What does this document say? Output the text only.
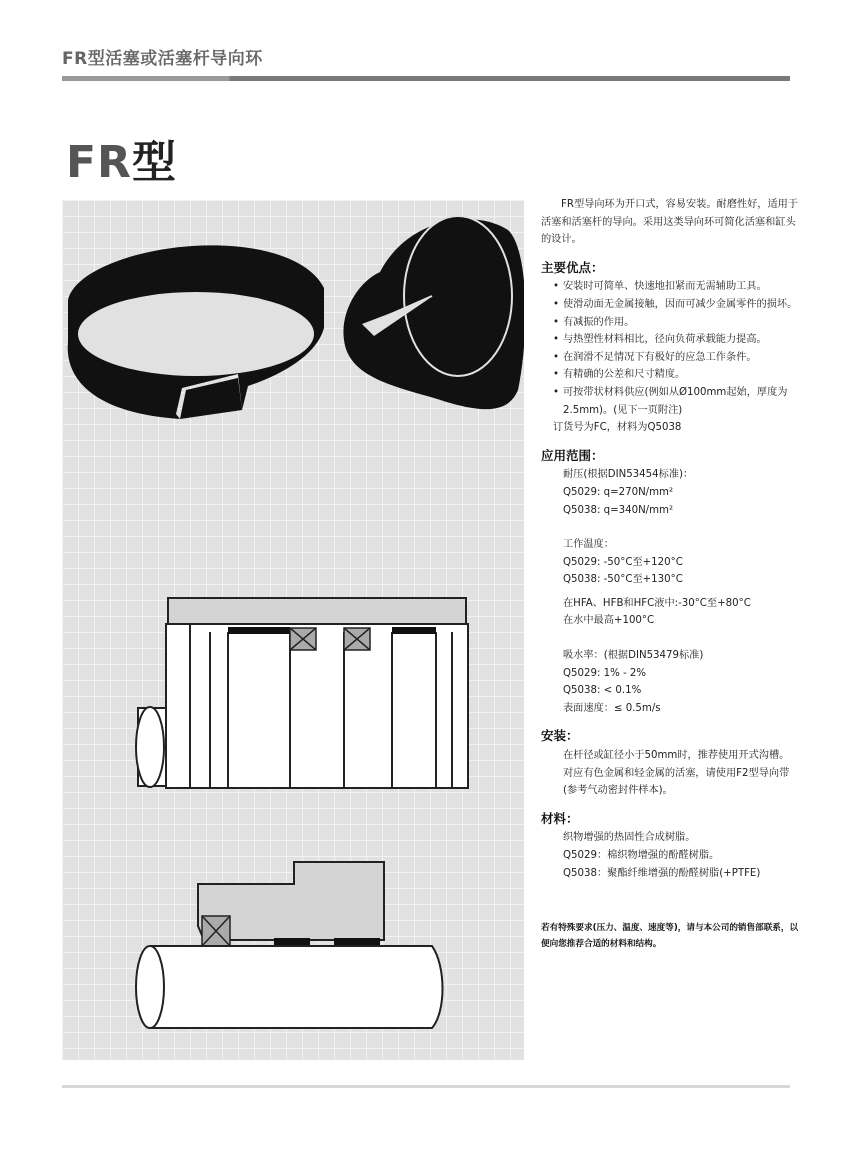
FR型活塞或活塞杆导向环
FR型

FR型导向环为开口式，容易安装。耐磨性好，适用于活塞和活塞杆的导向。采用这类导向环可简化活塞和缸头的设计。

主要优点：
• 安装时可简单、快速地扣紧而无需辅助工具。
• 使滑动面无金属接触，因而可减少金属零件的损坏。
• 有减振的作用。
• 与热塑性材料相比，径向负荷承载能力提高。
• 在润滑不足情况下有极好的应急工作条件。
• 有精确的公差和尺寸精度。
• 可按带状材料供应(例如从Ø100mm起始，厚度为2.5mm)。(见下一页附注)
订货号为FC，材料为Q5038
应用范围：
耐压(根据DIN53454标准)：
Q5029: q=270N/mm²
Q5038: q=340N/mm²
工作温度：
Q5029: -50°C至+120°C
Q5038: -50°C至+130°C
在HFA、HFB和HFC液中:-30°C至+80°C
在水中最高+100°C
吸水率：(根据DIN53479标准)
Q5029: 1% - 2%
Q5038: < 0.1%
表面速度：≤ 0.5m/s
安装：
在杆径或缸径小于50mm时，推荐使用开式沟槽。
对应有色金属和轻金属的活塞，请使用F2型导向带(参考气动密封件样本)。
材料：
织物增强的热固性合成树脂。
Q5029：棉织物增强的酚醛树脂。
Q5038：聚酯纤维增强的酚醛树脂(+PTFE)
若有特殊要求(压力、温度、速度等)，请与本公司的销售部联系，以便向您推荐合适的材料和结构。
